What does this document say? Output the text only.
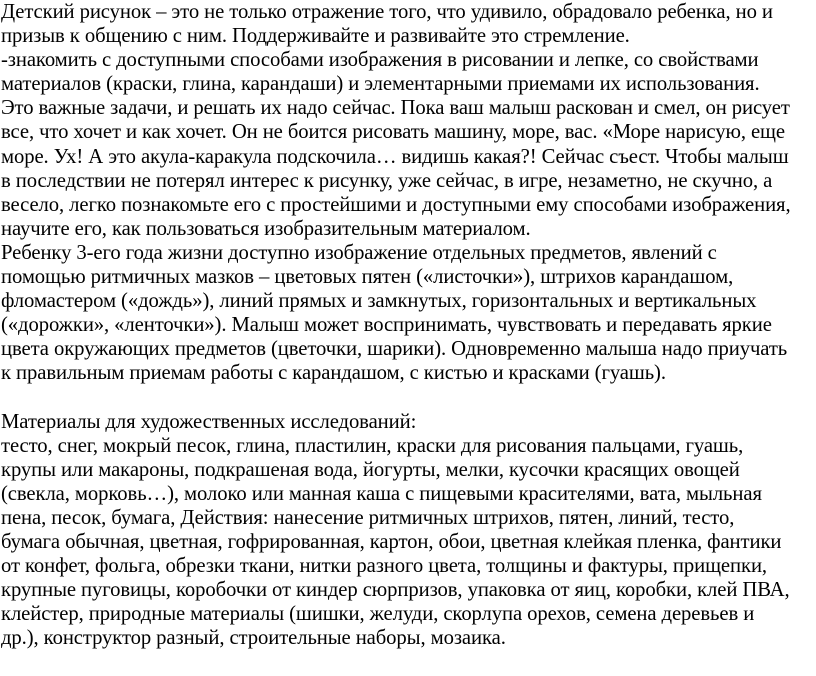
Детский рисунок – это не только отражение того, что удивило, обрадовало ребенка, но и
призыв к общению с ним. Поддерживайте и развивайте это стремление.
-знакомить с доступными способами изображения в рисовании и лепке, со свойствами
материалов (краски, глина, карандаши) и элементарными приемами их использования.
Это важные задачи, и решать их надо сейчас. Пока ваш малыш раскован и смел, он рисует
все, что хочет и как хочет. Он не боится рисовать машину, море, вас. «Море нарисую, еще
море. Ух! А это акула-каракула подскочила… видишь какая?! Сейчас съест. Чтобы малыш
в последствии не потерял интерес к рисунку, уже сейчас, в игре, незаметно, не скучно, а
весело, легко познакомьте его с простейшими и доступными ему способами изображения,
научите его, как пользоваться изобразительным материалом.
Ребенку 3-его года жизни доступно изображение отдельных предметов, явлений с
помощью ритмичных мазков – цветовых пятен («листочки»), штрихов карандашом,
фломастером («дождь»), линий прямых и замкнутых, горизонтальных и вертикальных
(«дорожки», «ленточки»). Малыш может воспринимать, чувствовать и передавать яркие
цвета окружающих предметов (цветочки, шарики). Одновременно малыша надо приучать
к правильным приемам работы с карандашом, с кистью и красками (гуашь).
Материалы для художественных исследований:
тесто, снег, мокрый песок, глина, пластилин, краски для рисования пальцами, гуашь,
крупы или макароны, подкрашеная вода, йогурты, мелки, кусочки красящих овощей
(свекла, морковь…), молоко или манная каша с пищевыми красителями, вата, мыльная
пена, песок, бумага, Действия: нанесение ритмичных штрихов, пятен, линий, тесто,
бумага обычная, цветная, гофрированная, картон, обои, цветная клейкая пленка, фантики
от конфет, фольга, обрезки ткани, нитки разного цвета, толщины и фактуры, прищепки,
крупные пуговицы, коробочки от киндер сюрпризов, упаковка от яиц, коробки, клей ПВА,
клейстер, природные материалы (шишки, желуди, скорлупа орехов, семена деревьев и
др.), конструктор разный, строительные наборы, мозаика.
